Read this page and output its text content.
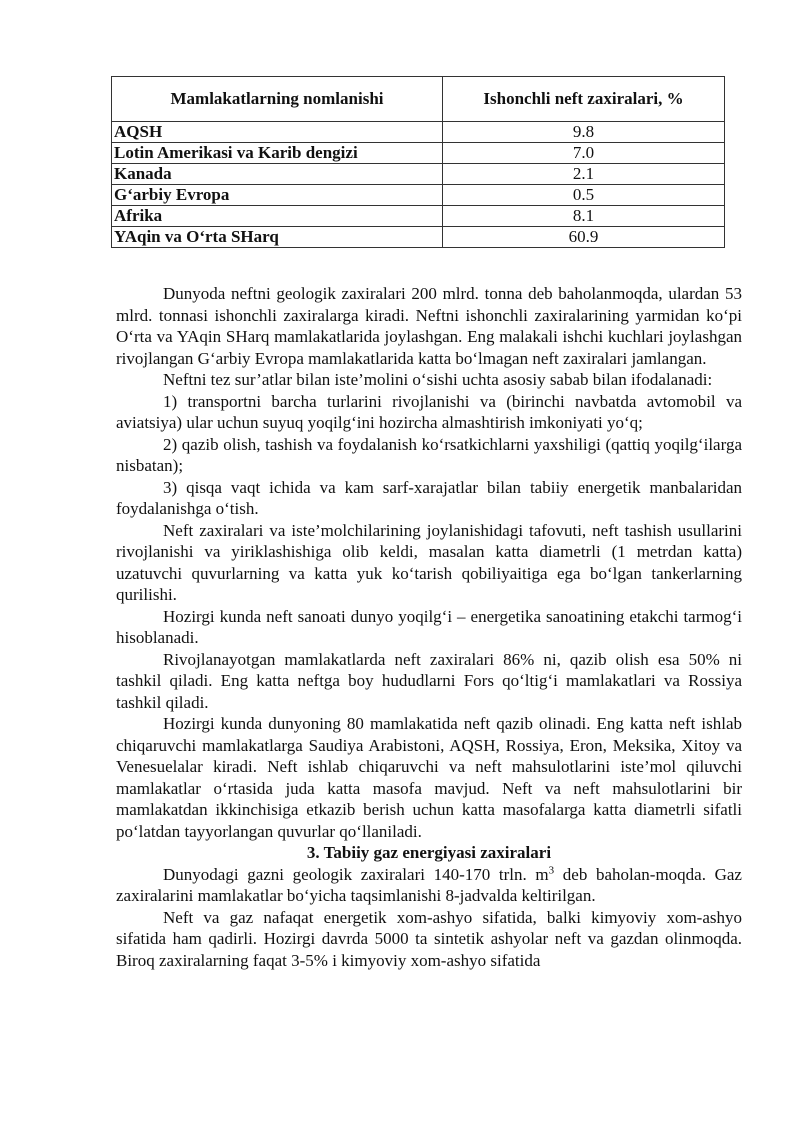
Mamlakatlarning nomlanishi	Ishonchli neft zaxiralari, %
AQSH	9.8
Lotin Amerikasi va Karib dengizi	7.0
Kanada	2.1
G‘arbiy Evropa	0.5
Afrika	8.1
YAqin va O‘rta SHarq	60.9

Dunyoda neftni geologik zaxiralari 200 mlrd. tonna deb baholanmoqda, ulardan 53 mlrd. tonnasi ishonchli zaxiralarga kiradi. Neftni ishonchli zaxiralarining yarmidan ko‘pi O‘rta va YAqin SHarq mamlakatlarida joylashgan. Eng malakali ishchi kuchlari joylashgan rivojlangan G‘arbiy Evropa mamlakatlarida katta bo‘lmagan neft zaxiralari jamlangan.

Neftni tez sur’atlar bilan iste’molini o‘sishi uchta asosiy sabab bilan ifodalanadi:

1) transportni barcha turlarini rivojlanishi va (birinchi navbatda avtomobil va aviatsiya) ular uchun suyuq yoqilg‘ini hozircha almashtirish imkoniyati yo‘q;

2) qazib olish, tashish va foydalanish ko‘rsatkichlarni yaxshiligi (qattiq yoqilg‘ilarga nisbatan);

3) qisqa vaqt ichida va kam sarf-xarajatlar bilan tabiiy energetik manbalaridan foydalanishga o‘tish.

Neft zaxiralari va iste’molchilarining joylanishidagi tafovuti, neft tashish usullarini rivojlanishi va yiriklashishiga olib keldi, masalan katta diametrli (1 metrdan katta) uzatuvchi quvurlarning va katta yuk ko‘tarish qobiliyaitiga ega bo‘lgan tankerlarning qurilishi.

Hozirgi kunda neft sanoati dunyo yoqilg‘i – energetika sanoatining etakchi tarmog‘i hisoblanadi.

Rivojlanayotgan mamlakatlarda neft zaxiralari 86% ni, qazib olish esa 50% ni tashkil qiladi. Eng katta neftga boy hududlarni Fors qo‘ltig‘i mamlakatlari va Rossiya tashkil qiladi.

Hozirgi kunda dunyoning 80 mamlakatida neft qazib olinadi. Eng katta neft ishlab chiqaruvchi mamlakatlarga Saudiya Arabistoni, AQSH, Rossiya, Eron, Meksika, Xitoy va Venesuelalar kiradi. Neft ishlab chiqaruvchi va neft mahsulotlarini iste’mol qiluvchi mamlakatlar o‘rtasida juda katta masofa mavjud. Neft va neft mahsulotlarini bir mamlakatdan ikkinchisiga etkazib berish uchun katta masofalarga katta diametrli sifatli po‘latdan tayyorlangan quvurlar qo‘llaniladi.

3. Tabiiy gaz energiyasi zaxiralari

Dunyodagi gazni geologik zaxiralari 140-170 trln. $m^3$ deb baholan-moqda. Gaz zaxiralarini mamlakatlar bo‘yicha taqsimlanishi 8-jadvalda keltirilgan.

Neft va gaz nafaqat energetik xom-ashyo sifatida, balki kimyoviy xom-ashyo sifatida ham qadirli. Hozirgi davrda 5000 ta sintetik ashyolar neft va gazdan olinmoqda. Biroq zaxiralarning faqat 3-5% i kimyoviy xom-ashyo sifatida
